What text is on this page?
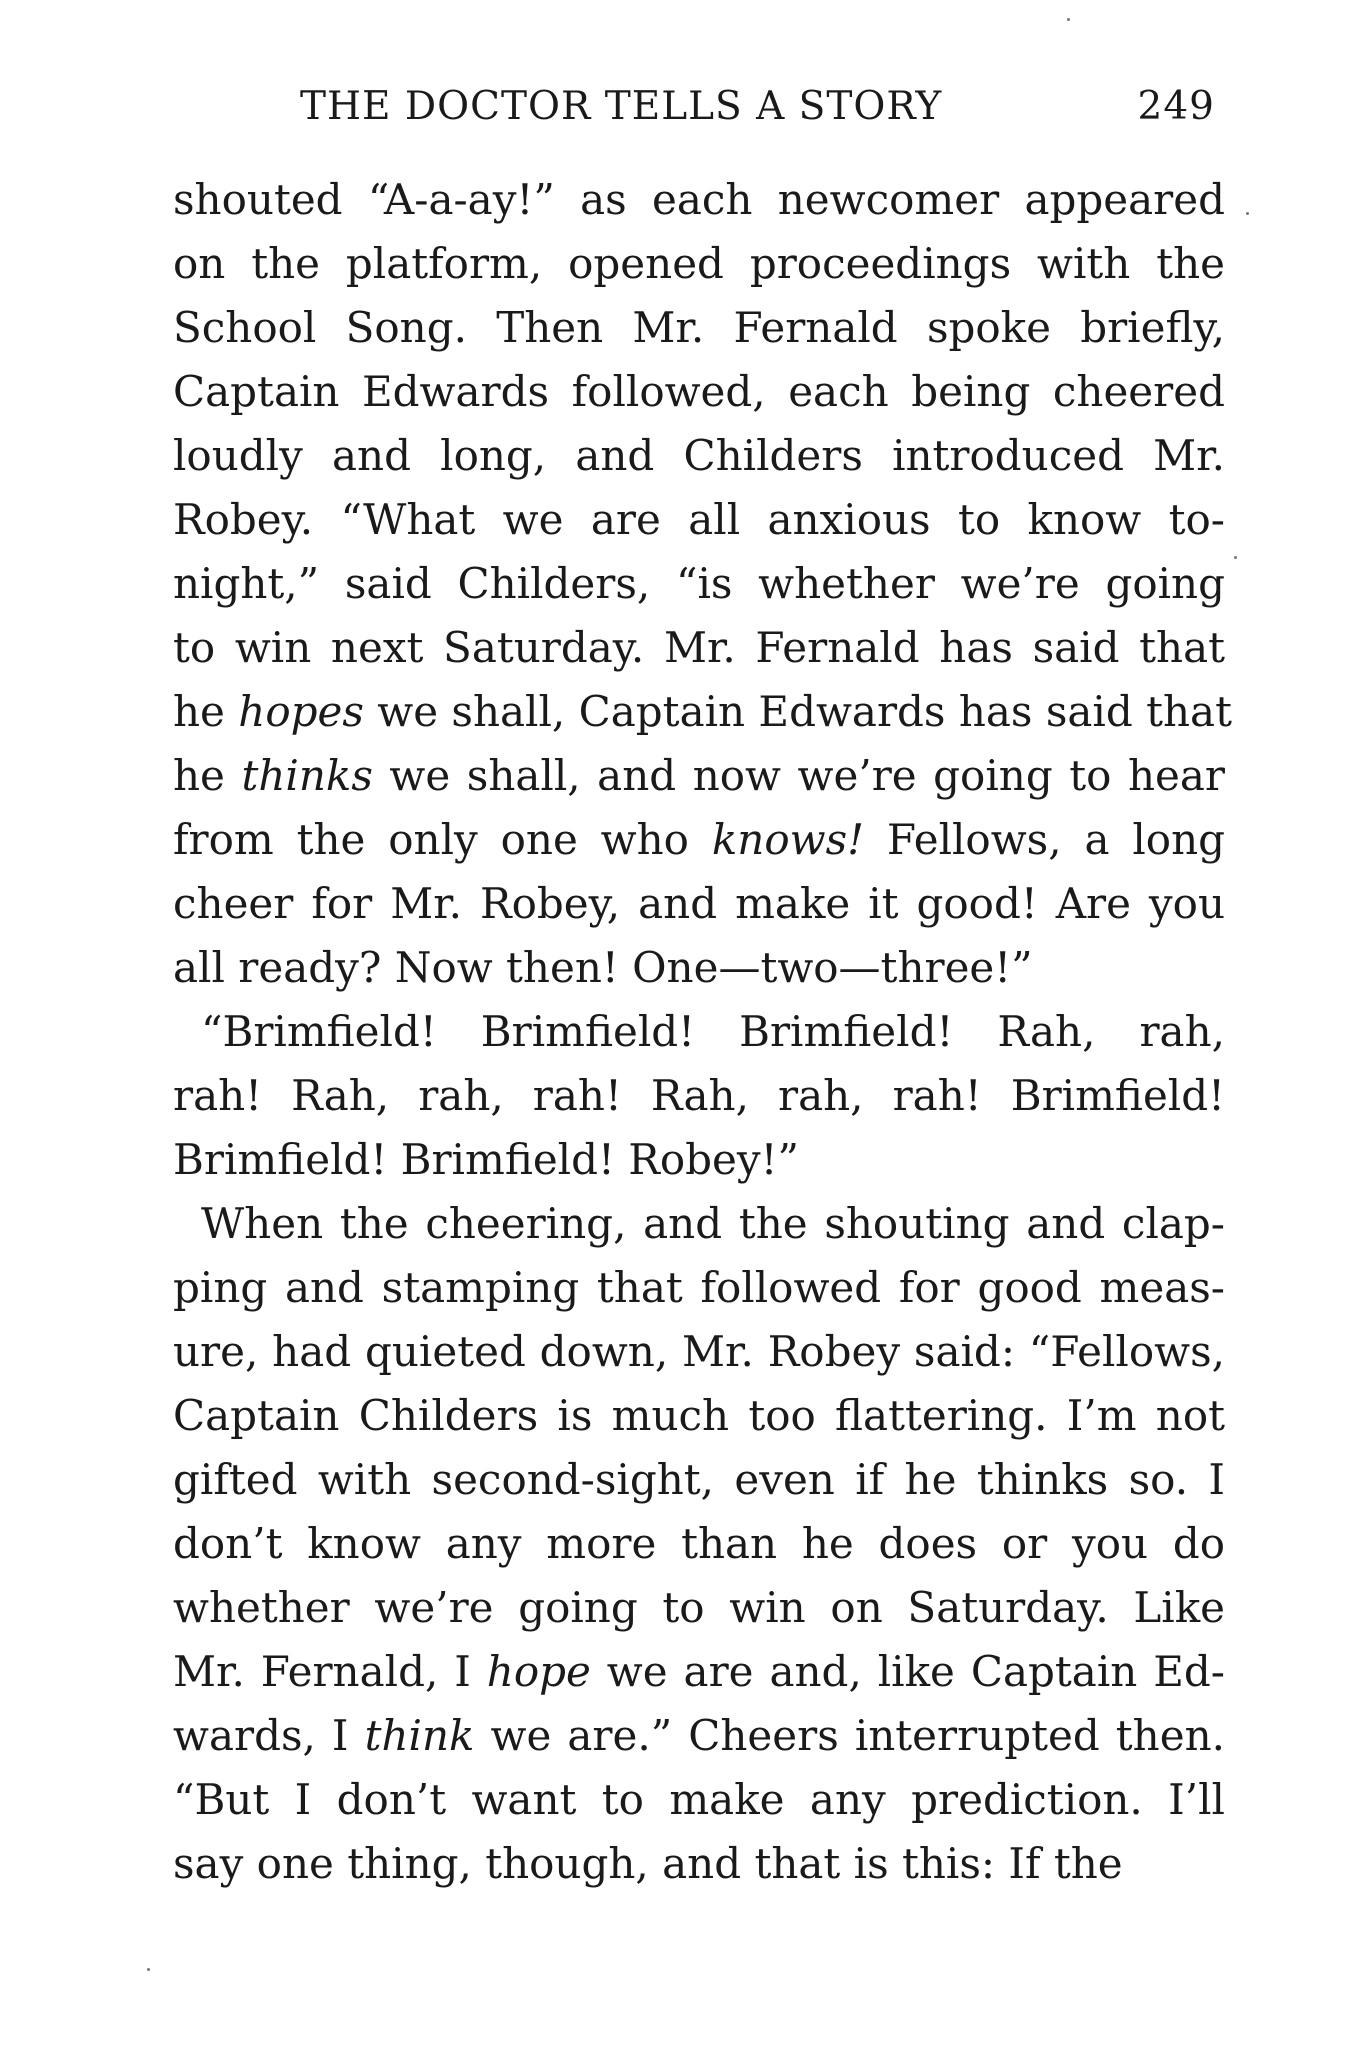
THE DOCTOR TELLS A STORY	249
shouted “A-a-ay!” as each newcomer appeared
on the platform, opened proceedings with the
School Song. Then Mr. Fernald spoke briefly,
Captain Edwards followed, each being cheered
loudly and long, and Childers introduced Mr.
Robey. “What we are all anxious to know to-
night,” said Childers, “is whether we’re going
to win next Saturday. Mr. Fernald has said that
he hopes we shall, Captain Edwards has said that
he thinks we shall, and now we’re going to hear
from the only one who knows! Fellows, a long
cheer for Mr. Robey, and make it good! Are you
all ready? Now then! One—two—three!”
“Brimfield! Brimfield! Brimfield! Rah, rah,
rah! Rah, rah, rah! Rah, rah, rah! Brimfield!
Brimfield! Brimfield! Robey!”
When the cheering, and the shouting and clap-
ping and stamping that followed for good meas-
ure, had quieted down, Mr. Robey said: “Fellows,
Captain Childers is much too flattering. I’m not
gifted with second-sight, even if he thinks so. I
don’t know any more than he does or you do
whether we’re going to win on Saturday. Like
Mr. Fernald, I hope we are and, like Captain Ed-
wards, I think we are.” Cheers interrupted then.
“But I don’t want to make any prediction. I’ll
say one thing, though, and that is this: If the
